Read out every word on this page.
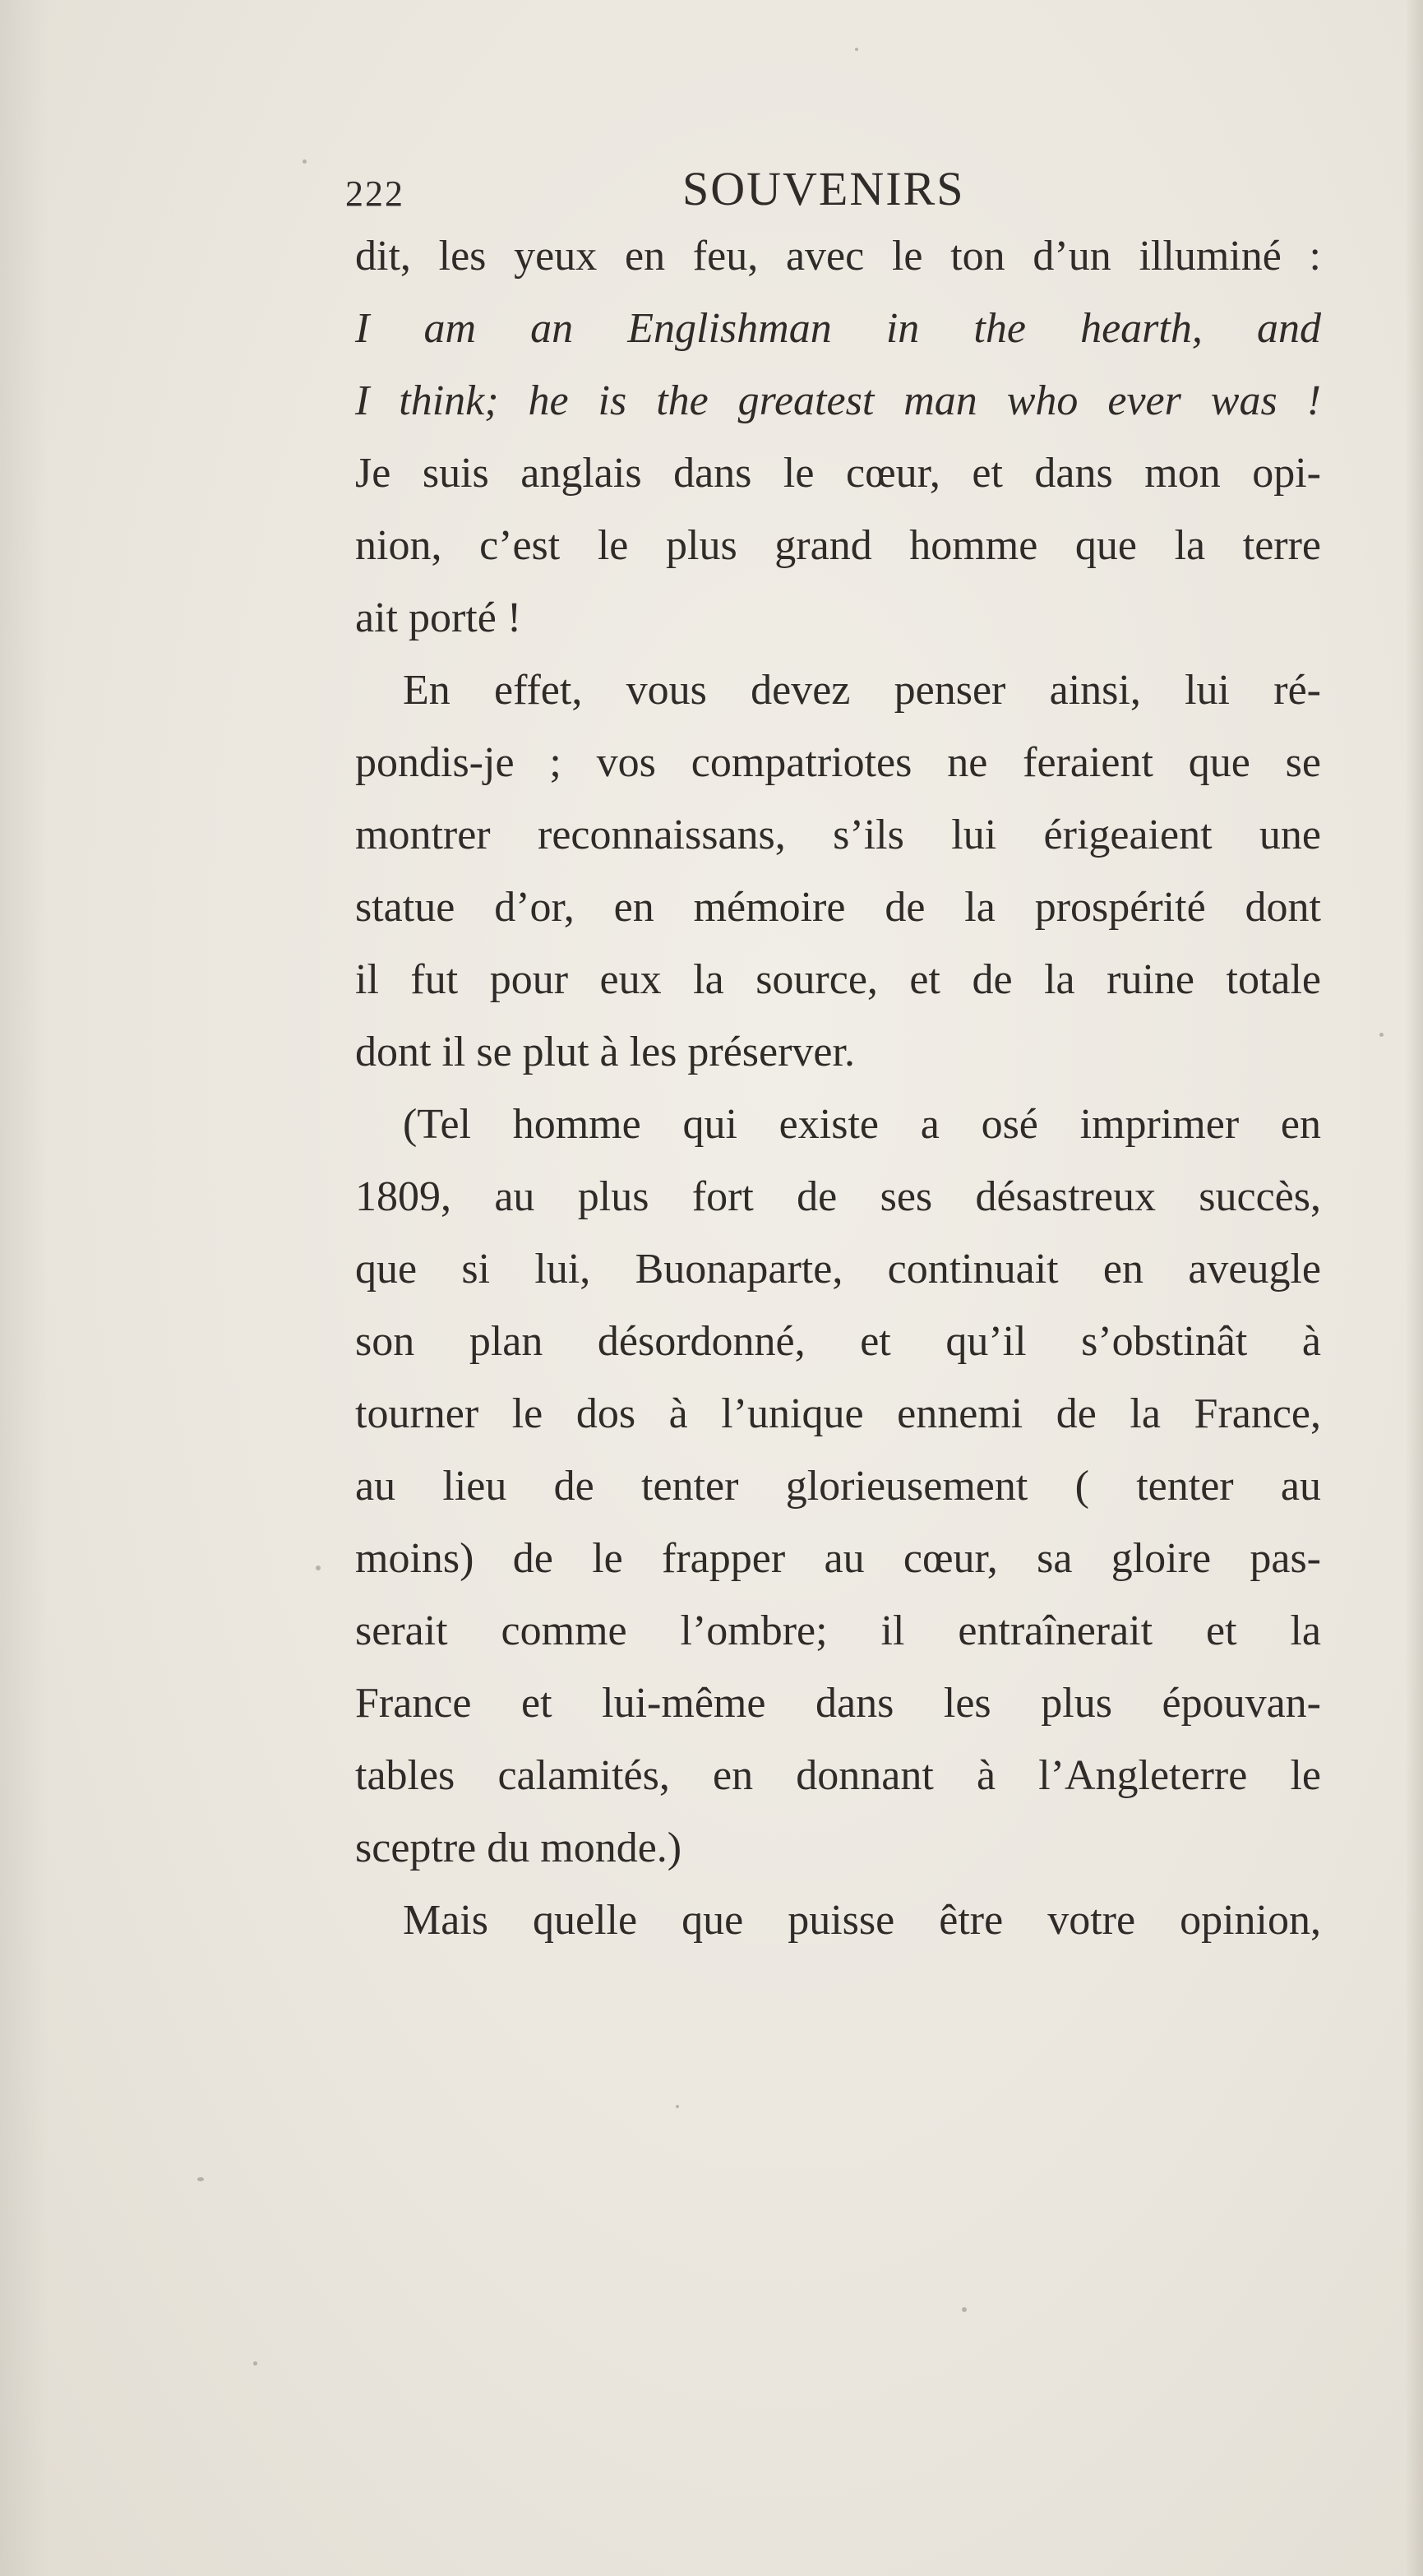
222	SOUVENIRS
dit, les yeux en feu, avec le ton d’un illuminé :
I am an Englishman in the hearth, and
I think; he is the greatest man who ever was !
Je suis anglais dans le cœur, et dans mon opi-
nion, c’est le plus grand homme que la terre
ait porté !
En effet, vous devez penser ainsi, lui ré-
pondis-je ; vos compatriotes ne feraient que se
montrer reconnaissans, s’ils lui érigeaient une
statue d’or, en mémoire de la prospérité dont
il fut pour eux la source, et de la ruine totale
dont il se plut à les préserver.
(Tel homme qui existe a osé imprimer en
1809, au plus fort de ses désastreux succès,
que si lui, Buonaparte, continuait en aveugle
son plan désordonné, et qu’il s’obstinât à
tourner le dos à l’unique ennemi de la France,
au lieu de tenter glorieusement ( tenter au
moins) de le frapper au cœur, sa gloire pas-
serait comme l’ombre; il entraînerait et la
France et lui-même dans les plus épouvan-
tables calamités, en donnant à l’Angleterre le
sceptre du monde.)
Mais quelle que puisse être votre opinion,
